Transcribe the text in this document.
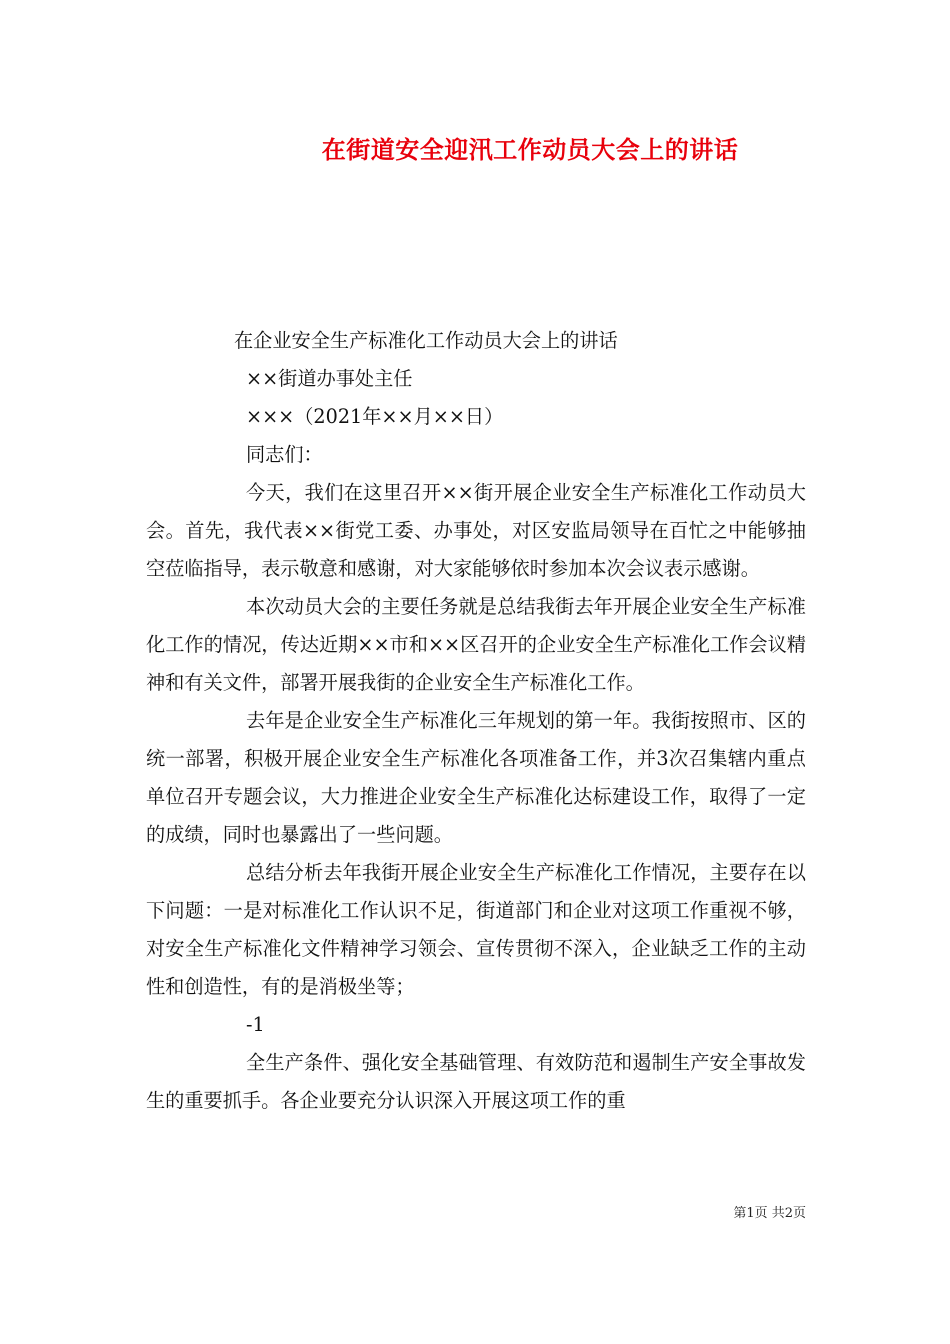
在街道安全迎汛工作动员大会上的讲话
在企业安全生产标准化工作动员大会上的讲话
××街道办事处主任
×××（2021年××月××日）
同志们：

今天，我们在这里召开××街开展企业安全生产标准化工作动员大会。首先，我代表××街党工委、办事处，对区安监局领导在百忙之中能够抽空莅临指导，表示敬意和感谢，对大家能够依时参加本次会议表示感谢。

本次动员大会的主要任务就是总结我街去年开展企业安全生产标准化工作的情况，传达近期××市和××区召开的企业安全生产标准化工作会议精神和有关文件，部署开展我街的企业安全生产标准化工作。

去年是企业安全生产标准化三年规划的第一年。我街按照市、区的统一部署，积极开展企业安全生产标准化各项准备工作，并3次召集辖内重点单位召开专题会议，大力推进企业安全生产标准化达标建设工作，取得了一定的成绩，同时也暴露出了一些问题。

总结分析去年我街开展企业安全生产标准化工作情况，主要存在以下问题：一是对标准化工作认识不足，街道部门和企业对这项工作重视不够，对安全生产标准化文件精神学习领会、宣传贯彻不深入，企业缺乏工作的主动性和创造性，有的是消极坐等；

-1

全生产条件、强化安全基础管理、有效防范和遏制生产安全事故发生的重要抓手。各企业要充分认识深入开展这项工作的重

第1页 共2页
